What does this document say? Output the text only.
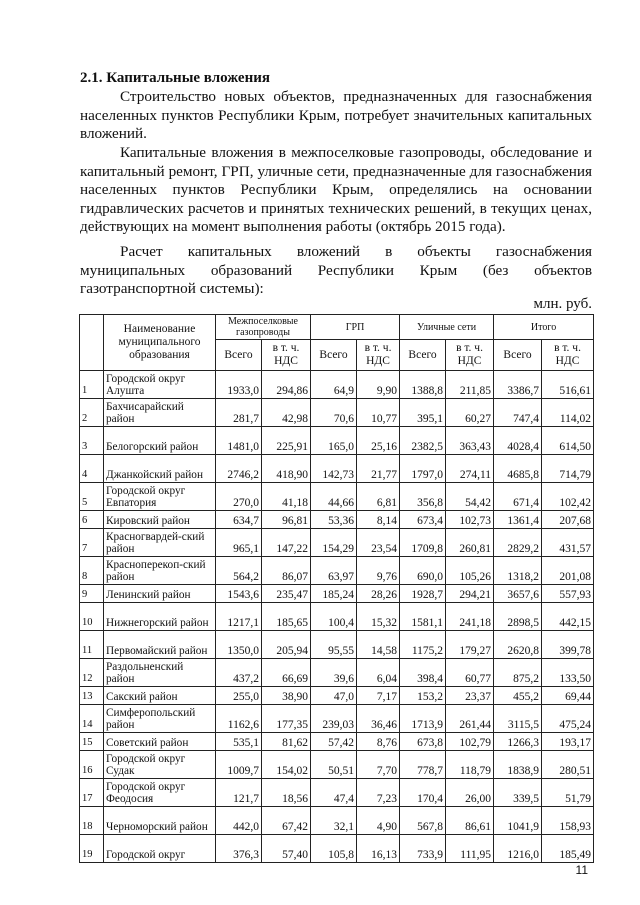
2.1. Капитальные вложения
Строительство новых объектов, предназначенных для газоснабжения населенных пунктов Республики Крым, потребует значительных капитальных вложений.
Капитальные вложения в межпоселковые газопроводы, обследование и капитальный ремонт, ГРП, уличные сети, предназначенные для газоснабжения населенных пунктов Республики Крым, определялись на основании гидравлических расчетов и принятых технических решений, в текущих ценах, действующих на момент выполнения работы (октябрь 2015 года).
Расчет капитальных вложений в объекты газоснабжения муниципальных образований Республики Крым (без объектов газотранспортной системы):
млн. руб.
	Наименование муниципального образования	Межпоселковые газопроводы		ГРП		Уличные сети		Итого	
		Всего	в т. ч. НДС	Всего	в т. ч. НДС	Всего	в т. ч. НДС	Всего	в т. ч. НДС
1	Городской округ Алушта	1933,0	294,86	64,9	9,90	1388,8	211,85	3386,7	516,61
2	Бахчисарайский район	281,7	42,98	70,6	10,77	395,1	60,27	747,4	114,02
3	Белогорский район	1481,0	225,91	165,0	25,16	2382,5	363,43	4028,4	614,50
4	Джанкойский район	2746,2	418,90	142,73	21,77	1797,0	274,11	4685,8	714,79
5	Городской округ Евпатория	270,0	41,18	44,66	6,81	356,8	54,42	671,4	102,42
6	Кировский район	634,7	96,81	53,36	8,14	673,4	102,73	1361,4	207,68
7	Красногвардей-ский район	965,1	147,22	154,29	23,54	1709,8	260,81	2829,2	431,57
8	Красноперекоп-ский район	564,2	86,07	63,97	9,76	690,0	105,26	1318,2	201,08
9	Ленинский район	1543,6	235,47	185,24	28,26	1928,7	294,21	3657,6	557,93
10	Нижнегорский район	1217,1	185,65	100,4	15,32	1581,1	241,18	2898,5	442,15
11	Первомайский район	1350,0	205,94	95,55	14,58	1175,2	179,27	2620,8	399,78
12	Раздольненский район	437,2	66,69	39,6	6,04	398,4	60,77	875,2	133,50
13	Сакский район	255,0	38,90	47,0	7,17	153,2	23,37	455,2	69,44
14	Симферопольский район	1162,6	177,35	239,03	36,46	1713,9	261,44	3115,5	475,24
15	Советский район	535,1	81,62	57,42	8,76	673,8	102,79	1266,3	193,17
16	Городской округ Судак	1009,7	154,02	50,51	7,70	778,7	118,79	1838,9	280,51
17	Городской округ Феодосия	121,7	18,56	47,4	7,23	170,4	26,00	339,5	51,79
18	Черноморский район	442,0	67,42	32,1	4,90	567,8	86,61	1041,9	158,93
19	Городской округ	376,3	57,40	105,8	16,13	733,9	111,95	1216,0	185,49
11
